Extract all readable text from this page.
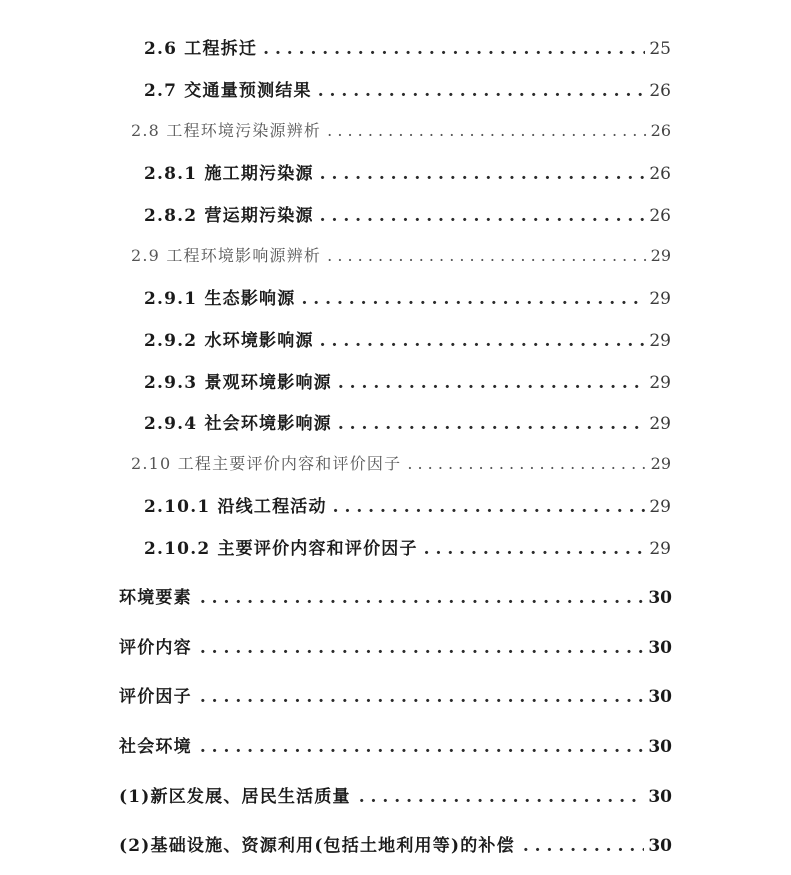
2.6 工程拆迁 . . .	25
2.7 交通量预测结果 . . .	26
2.8 工程环境污染源辨析 . . .	26
2.8.1 施工期污染源 . . .	26
2.8.2 营运期污染源 . . .	26
2.9 工程环境影响源辨析 . . .	29
2.9.1 生态影响源 . . .	29
2.9.2 水环境影响源 . . .	29
2.9.3 景观环境影响源 . . .	29
2.9.4 社会环境影响源 . . .	29
2.10 工程主要评价内容和评价因子 . . .	29
2.10.1 沿线工程活动 . . .	29
2.10.2 主要评价内容和评价因子 . . .	29
环境要素 . . .	30
评价内容 . . .	30
评价因子 . . .	30
社会环境 . . .	30
(1)新区发展、居民生活质量 . . .	30
(2)基础设施、资源利用(包括土地利用等)的补偿 . . .	30
